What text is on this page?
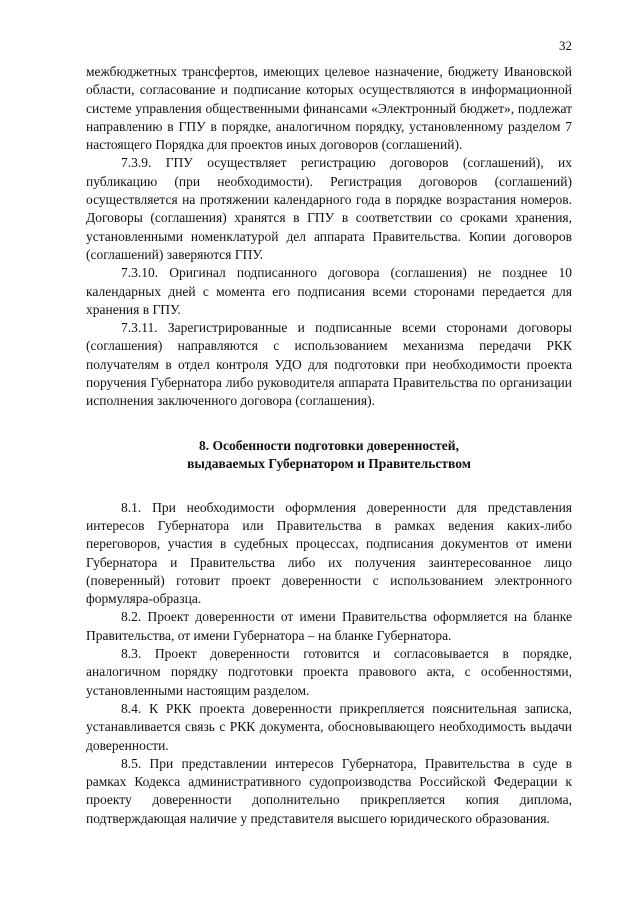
32

межбюджетных трансфертов, имеющих целевое назначение, бюджету Ивановской области, согласование и подписание которых осуществляются в информационной системе управления общественными финансами «Электронный бюджет», подлежат направлению в ГПУ в порядке, аналогичном порядку, установленному разделом 7 настоящего Порядка для проектов иных договоров (соглашений).

7.3.9. ГПУ осуществляет регистрацию договоров (соглашений), их публикацию (при необходимости). Регистрация договоров (соглашений) осуществляется на протяжении календарного года в порядке возрастания номеров. Договоры (соглашения) хранятся в ГПУ в соответствии со сроками хранения, установленными номенклатурой дел аппарата Правительства. Копии договоров (соглашений) заверяются ГПУ.

7.3.10. Оригинал подписанного договора (соглашения) не позднее 10 календарных дней с момента его подписания всеми сторонами передается для хранения в ГПУ.

7.3.11. Зарегистрированные и подписанные всеми сторонами договоры (соглашения) направляются с использованием механизма передачи РКК получателям в отдел контроля УДО для подготовки при необходимости проекта поручения Губернатора либо руководителя аппарата Правительства по организации исполнения заключенного договора (соглашения).

8. Особенности подготовки доверенностей,
выдаваемых Губернатором и Правительством

8.1. При необходимости оформления доверенности для представления интересов Губернатора или Правительства в рамках ведения каких-либо переговоров, участия в судебных процессах, подписания документов от имени Губернатора и Правительства либо их получения заинтересованное лицо (поверенный) готовит проект доверенности с использованием электронного формуляра-образца.

8.2. Проект доверенности от имени Правительства оформляется на бланке Правительства, от имени Губернатора – на бланке Губернатора.

8.3. Проект доверенности готовится и согласовывается в порядке, аналогичном порядку подготовки проекта правового акта, с особенностями, установленными настоящим разделом.

8.4. К РКК проекта доверенности прикрепляется пояснительная записка, устанавливается связь с РКК документа, обосновывающего необходимость выдачи доверенности.

8.5. При представлении интересов Губернатора, Правительства в суде в рамках Кодекса административного судопроизводства Российской Федерации к проекту доверенности дополнительно прикрепляется копия диплома, подтверждающая наличие у представителя высшего юридического образования.
